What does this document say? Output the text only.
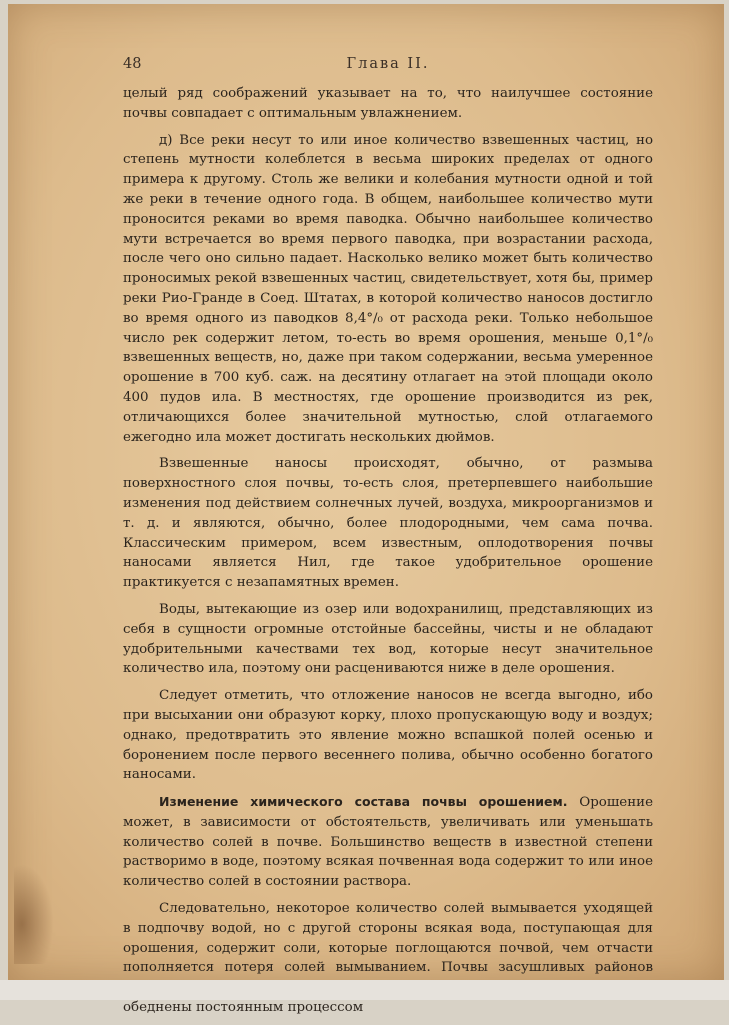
48	Глава II.

целый ряд соображений указывает на то, что наилучшее состояние почвы совпадает с оптимальным увлажнением.

д) Все реки несут то или иное количество взвешенных частиц, но степень мутности колеблется в весьма широких пределах от одного примера к другому. Столь же велики и колебания мутности одной и той же реки в течение одного года. В общем, наибольшее количество мути проносится реками во время паводка. Обычно наибольшее количество мути встречается во время первого паводка, при возрастании расхода, после чего оно сильно падает. Насколько велико может быть количество проносимых рекой взвешенных частиц, свидетельствует, хотя бы, пример реки Рио-Гранде в Соед. Штатах, в которой количество наносов достигло во время одного из паводков 8,4°/₀ от расхода реки. Только небольшое число рек содержит летом, то-есть во время орошения, меньше 0,1°/₀ взвешенных веществ, но, даже при таком содержании, весьма умеренное орошение в 700 куб. саж. на десятину отлагает на этой площади около 400 пудов ила. В местностях, где орошение производится из рек, отличающихся более значительной мутностью, слой отлагаемого ежегодно ила может достигать нескольких дюймов.

Взвешенные наносы происходят, обычно, от размыва поверхностного слоя почвы, то-есть слоя, претерпевшего наибольшие изменения под действием солнечных лучей, воздуха, микроорганизмов и т. д. и являются, обычно, более плодородными, чем сама почва. Классическим примером, всем известным, оплодотворения почвы наносами является Нил, где такое удобрительное орошение практикуется с незапамятных времен.

Воды, вытекающие из озер или водохранилищ, представляющих из себя в сущности огромные отстойные бассейны, чисты и не обладают удобрительными качествами тех вод, которые несут значительное количество ила, поэтому они расцениваются ниже в деле орошения.

Следует отметить, что отложение наносов не всегда выгодно, ибо при высыхании они образуют корку, плохо пропускающую воду и воздух; однако, предотвратить это явление можно вспашкой полей осенью и боронением после первого весеннего полива, обычно особенно богатого наносами.

Изменение химического состава почвы орошением. Орошение может, в зависимости от обстоятельств, увеличивать или уменьшать количество солей в почве. Большинство веществ в известной степени растворимо в воде, поэтому всякая почвенная вода содержит то или иное количество солей в состоянии раствора.

Следовательно, некоторое количество солей вымывается уходящей в подпочву водой, но с другой стороны всякая вода, поступающая для орошения, содержит соли, которые поглощаются почвой, чем отчасти пополняется потеря солей вымыванием. Почвы засушливых районов обеднены постоянным процессом
